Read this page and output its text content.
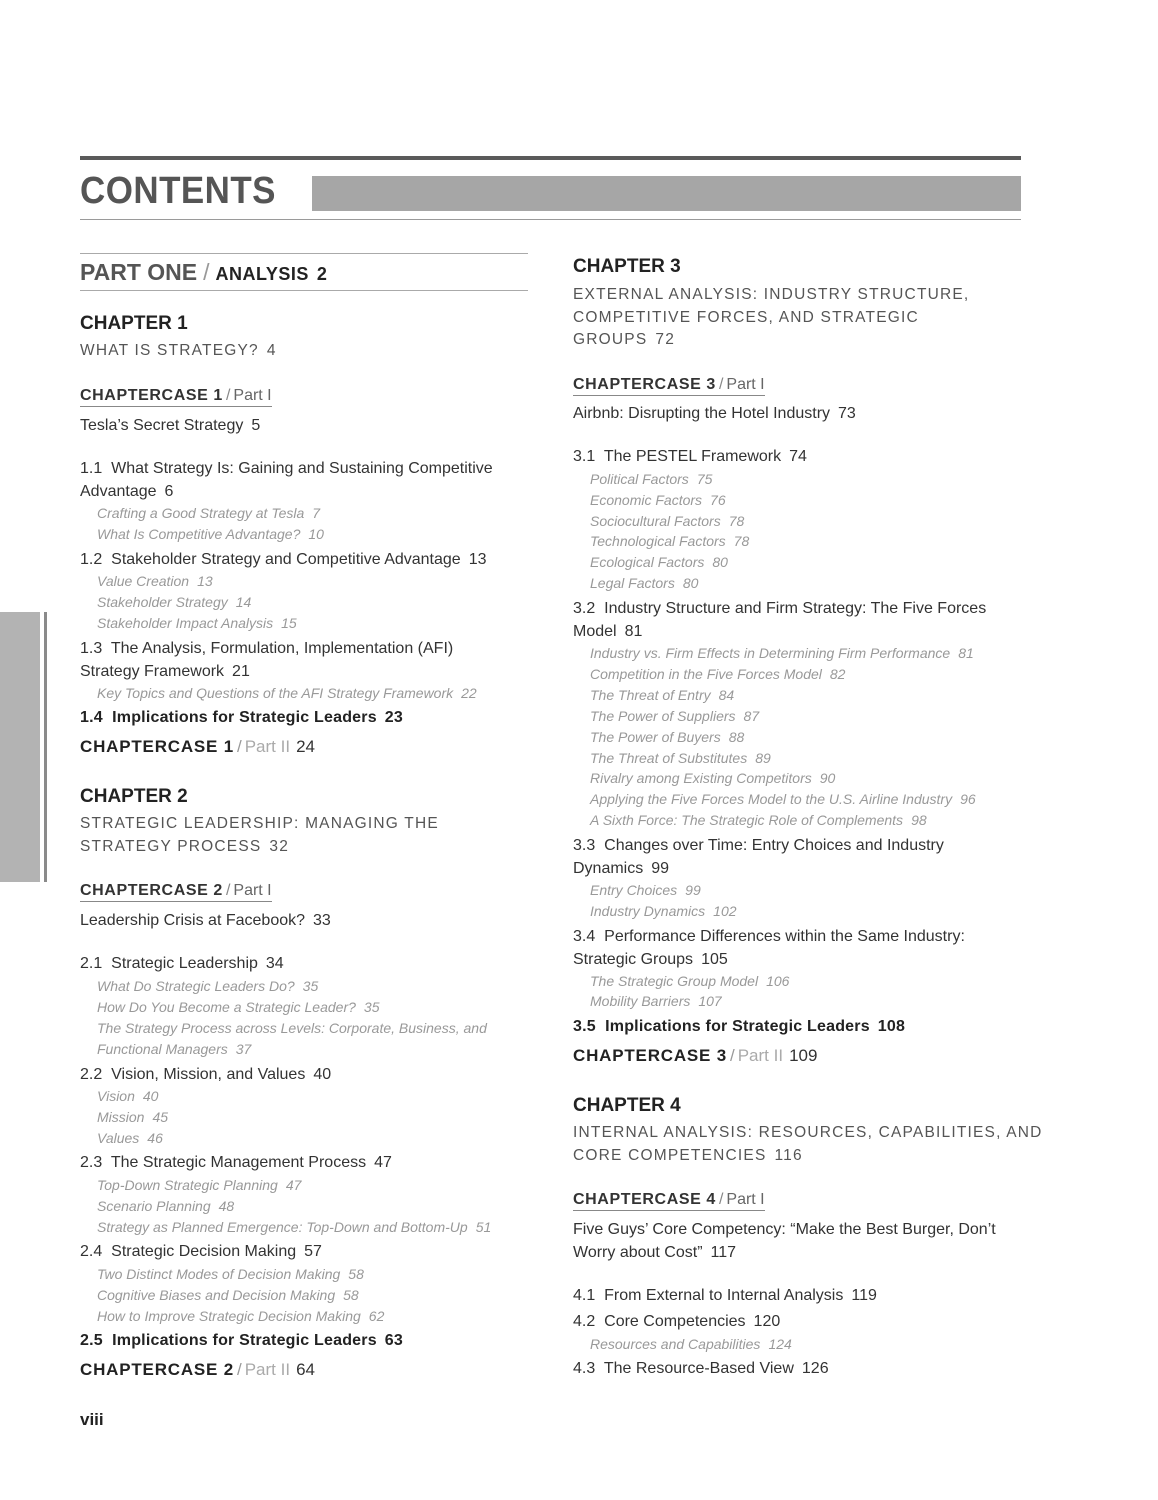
CONTENTS
PART ONE / ANALYSIS 2
CHAPTER 1
WHAT IS STRATEGY? 4
CHAPTERCASE 1 / Part I
Tesla’s Secret Strategy 5
1.1 What Strategy Is: Gaining and Sustaining Competitive Advantage 6
Crafting a Good Strategy at Tesla 7
What Is Competitive Advantage? 10
1.2 Stakeholder Strategy and Competitive Advantage 13
Value Creation 13
Stakeholder Strategy 14
Stakeholder Impact Analysis 15
1.3 The Analysis, Formulation, Implementation (AFI) Strategy Framework 21
Key Topics and Questions of the AFI Strategy Framework 22
1.4 Implications for Strategic Leaders 23
CHAPTERCASE 1 / Part II 24
CHAPTER 2
STRATEGIC LEADERSHIP: MANAGING THE STRATEGY PROCESS 32
CHAPTERCASE 2 / Part I
Leadership Crisis at Facebook? 33
2.1 Strategic Leadership 34
What Do Strategic Leaders Do? 35
How Do You Become a Strategic Leader? 35
The Strategy Process across Levels: Corporate, Business, and
Functional Managers 37
2.2 Vision, Mission, and Values 40
Vision 40
Mission 45
Values 46
2.3 The Strategic Management Process 47
Top-Down Strategic Planning 47
Scenario Planning 48
Strategy as Planned Emergence: Top-Down and Bottom-Up 51
2.4 Strategic Decision Making 57
Two Distinct Modes of Decision Making 58
Cognitive Biases and Decision Making 58
How to Improve Strategic Decision Making 62
2.5 Implications for Strategic Leaders 63
CHAPTERCASE 2 / Part II 64
CHAPTER 3
EXTERNAL ANALYSIS: INDUSTRY STRUCTURE,
COMPETITIVE FORCES, AND STRATEGIC
GROUPS 72
CHAPTERCASE 3 / Part I
Airbnb: Disrupting the Hotel Industry 73
3.1 The PESTEL Framework 74
Political Factors 75
Economic Factors 76
Sociocultural Factors 78
Technological Factors 78
Ecological Factors 80
Legal Factors 80
3.2 Industry Structure and Firm Strategy: The Five Forces Model 81
Industry vs. Firm Effects in Determining Firm Performance 81
Competition in the Five Forces Model 82
The Threat of Entry 84
The Power of Suppliers 87
The Power of Buyers 88
The Threat of Substitutes 89
Rivalry among Existing Competitors 90
Applying the Five Forces Model to the U.S. Airline Industry 96
A Sixth Force: The Strategic Role of Complements 98
3.3 Changes over Time: Entry Choices and Industry Dynamics 99
Entry Choices 99
Industry Dynamics 102
3.4 Performance Differences within the Same Industry: Strategic Groups 105
The Strategic Group Model 106
Mobility Barriers 107
3.5 Implications for Strategic Leaders 108
CHAPTERCASE 3 / Part II 109
CHAPTER 4
INTERNAL ANALYSIS: RESOURCES, CAPABILITIES, AND
CORE COMPETENCIES 116
CHAPTERCASE 4 / Part I
Five Guys’ Core Competency: “Make the Best Burger, Don’t
Worry about Cost” 117
4.1 From External to Internal Analysis 119
4.2 Core Competencies 120
Resources and Capabilities 124
4.3 The Resource-Based View 126
viii
